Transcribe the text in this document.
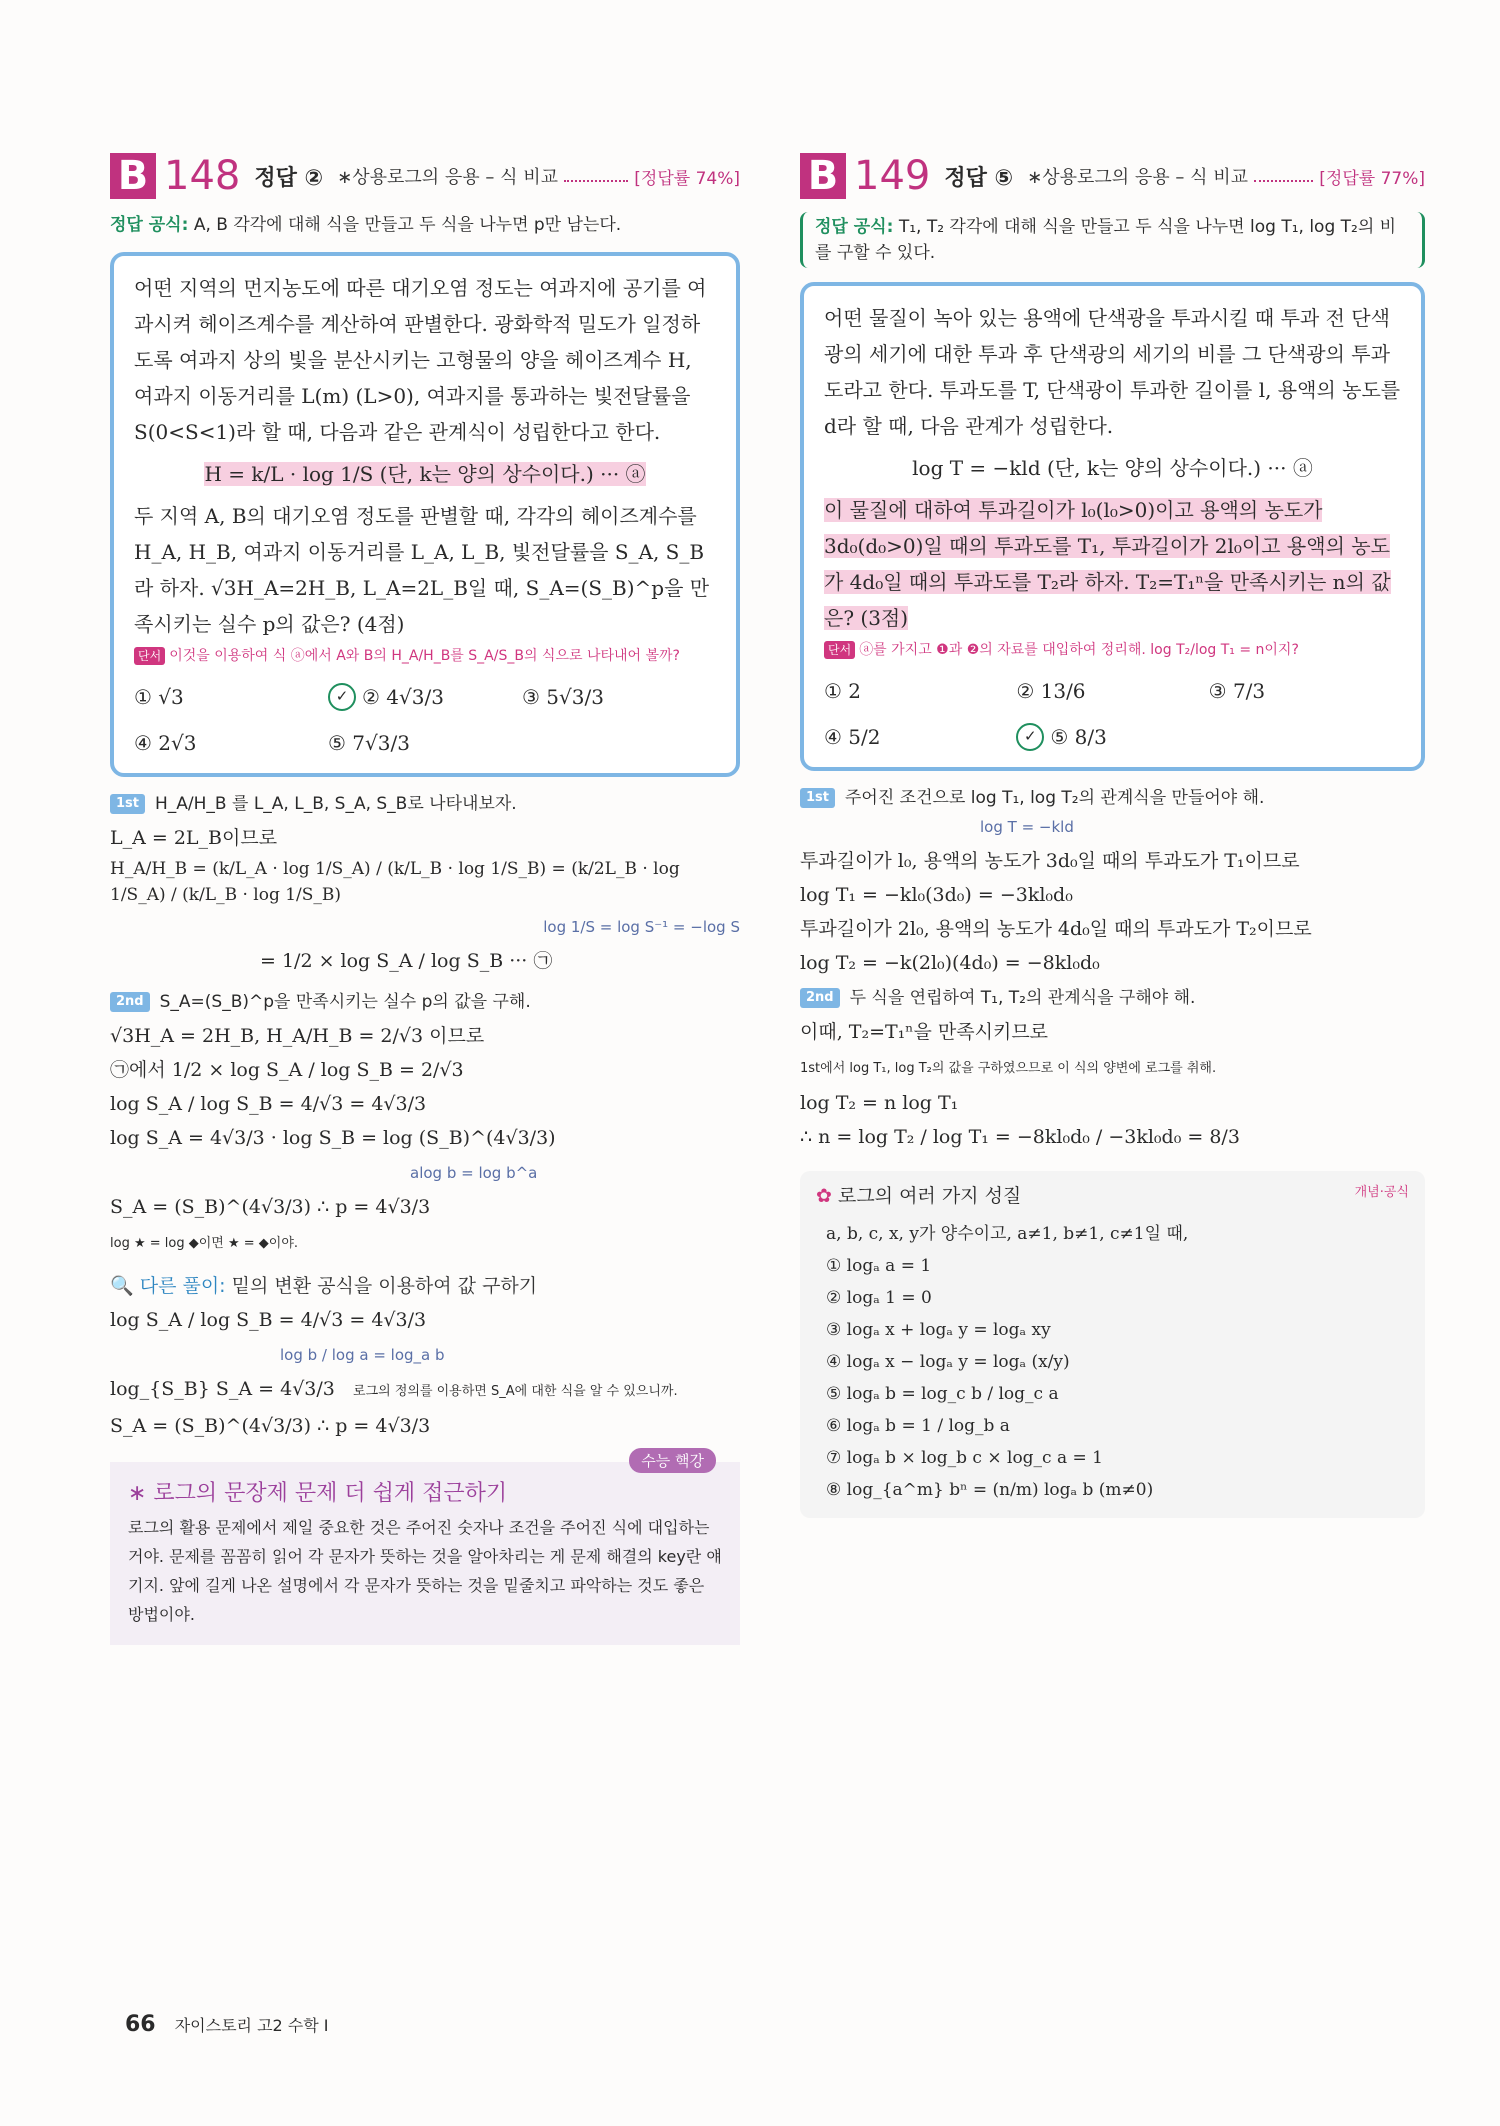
B 148 정답 ② ∗상용로그의 응용 – 식 비교	[정답률 74%]
정답 공식: A, B 각각에 대해 식을 만들고 두 식을 나누면 p만 남는다.

어떤 지역의 먼지농도에 따른 대기오염 정도는 여과지에 공기를 여과시켜 헤이즈계수를 계산하여 판별한다. 광화학적 밀도가 일정하도록 여과지 상의 빛을 분산시키는 고형물의 양을 헤이즈계수 H, 여과지 이동거리를 L(m) (L>0), 여과지를 통과하는 빛전달률을 S(0<S<1)라 할 때, 다음과 같은 관계식이 성립한다고 한다.

H = k/L · log 1/S (단, k는 양의 상수이다.) ··· ⓐ

두 지역 A, B의 대기오염 정도를 판별할 때, 각각의 헤이즈계수를 H_A, H_B, 여과지 이동거리를 L_A, L_B, 빛전달률을 S_A, S_B라 하자. √3H_A=2H_B, L_A=2L_B일 때, S_A=(S_B)^p을 만족시키는 실수 p의 값은? (4점)

단서 이것을 이용하여 식 ⓐ에서 A와 B의 H_A/H_B를 S_A/S_B의 식으로 나타내어 볼까?
① √3	✓ ② 4√3/3	③ 5√3/3
④ 2√3	⑤ 7√3/3

1st H_A/H_B 를 L_A, L_B, S_A, S_B로 나타내보자.

L_A = 2L_B이므로

H_A/H_B = (k/L_A · log 1/S_A) / (k/L_B · log 1/S_B) = (k/2L_B · log 1/S_A) / (k/L_B · log 1/S_B)

log 1/S = log S⁻¹ = −log S

= 1/2 × log S_A / log S_B ··· ㉠

2nd S_A=(S_B)^p을 만족시키는 실수 p의 값을 구해.

√3H_A = 2H_B, H_A/H_B = 2/√3 이므로

㉠에서 1/2 × log S_A / log S_B = 2/√3

log S_A / log S_B = 4/√3 = 4√3/3

log S_A = 4√3/3 · log S_B = log (S_B)^(4√3/3)

alog b = log b^a

S_A = (S_B)^(4√3/3) ∴ p = 4√3/3

log ★ = log ◆이면 ★ = ◆이야.

🔍 다른 풀이: 밑의 변환 공식을 이용하여 값 구하기

log S_A / log S_B = 4/√3 = 4√3/3

log b / log a = log_a b

log_{S_B} S_A = 4√3/3 로그의 정의를 이용하면 S_A에 대한 식을 알 수 있으니까.

S_A = (S_B)^(4√3/3) ∴ p = 4√3/3

수능 핵강
∗ 로그의 문장제 문제 더 쉽게 접근하기
로그의 활용 문제에서 제일 중요한 것은 주어진 숫자나 조건을 주어진 식에 대입하는 거야. 문제를 꼼꼼히 읽어 각 문자가 뜻하는 것을 알아차리는 게 문제 해결의 key란 얘기지. 앞에 길게 나온 설명에서 각 문자가 뜻하는 것을 밑줄치고 파악하는 것도 좋은 방법이야.
B 149 정답 ⑤ ∗상용로그의 응용 – 식 비교	[정답률 77%]
정답 공식: T₁, T₂ 각각에 대해 식을 만들고 두 식을 나누면 log T₁, log T₂의 비를 구할 수 있다.

어떤 물질이 녹아 있는 용액에 단색광을 투과시킬 때 투과 전 단색광의 세기에 대한 투과 후 단색광의 세기의 비를 그 단색광의 투과도라고 한다. 투과도를 T, 단색광이 투과한 길이를 l, 용액의 농도를 d라 할 때, 다음 관계가 성립한다.

log T = −kld (단, k는 양의 상수이다.) ··· ⓐ

이 물질에 대하여 투과길이가 l₀(l₀>0)이고 용액의 농도가 3d₀(d₀>0)일 때의 투과도를 T₁, 투과길이가 2l₀이고 용액의 농도가 4d₀일 때의 투과도를 T₂라 하자. T₂=T₁ⁿ을 만족시키는 n의 값은? (3점)

단서 ⓐ를 가지고 ❶과 ❷의 자료를 대입하여 정리해. log T₂/log T₁ = n이지?
① 2	② 13/6	③ 7/3
④ 5/2	✓ ⑤ 8/3

1st 주어진 조건으로 log T₁, log T₂의 관계식을 만들어야 해.

log T = −kld

투과길이가 l₀, 용액의 농도가 3d₀일 때의 투과도가 T₁이므로

log T₁ = −kl₀(3d₀) = −3kl₀d₀

투과길이가 2l₀, 용액의 농도가 4d₀일 때의 투과도가 T₂이므로

log T₂ = −k(2l₀)(4d₀) = −8kl₀d₀

2nd 두 식을 연립하여 T₁, T₂의 관계식을 구해야 해.

이때, T₂=T₁ⁿ을 만족시키므로

1st에서 log T₁, log T₂의 값을 구하였으므로 이 식의 양변에 로그를 취해.

log T₂ = n log T₁

∴ n = log T₂ / log T₁ = −8kl₀d₀ / −3kl₀d₀ = 8/3

✿ 로그의 여러 가지 성질	개념·공식
a, b, c, x, y가 양수이고, a≠1, b≠1, c≠1일 때,
① logₐ a = 1
② logₐ 1 = 0
③ logₐ x + logₐ y = logₐ xy
④ logₐ x − logₐ y = logₐ (x/y)
⑤ logₐ b = log_c b / log_c a
⑥ logₐ b = 1 / log_b a
⑦ logₐ b × log_b c × log_c a = 1
⑧ log_{a^m} bⁿ = (n/m) logₐ b (m≠0)
66 자이스토리 고2 수학 I
